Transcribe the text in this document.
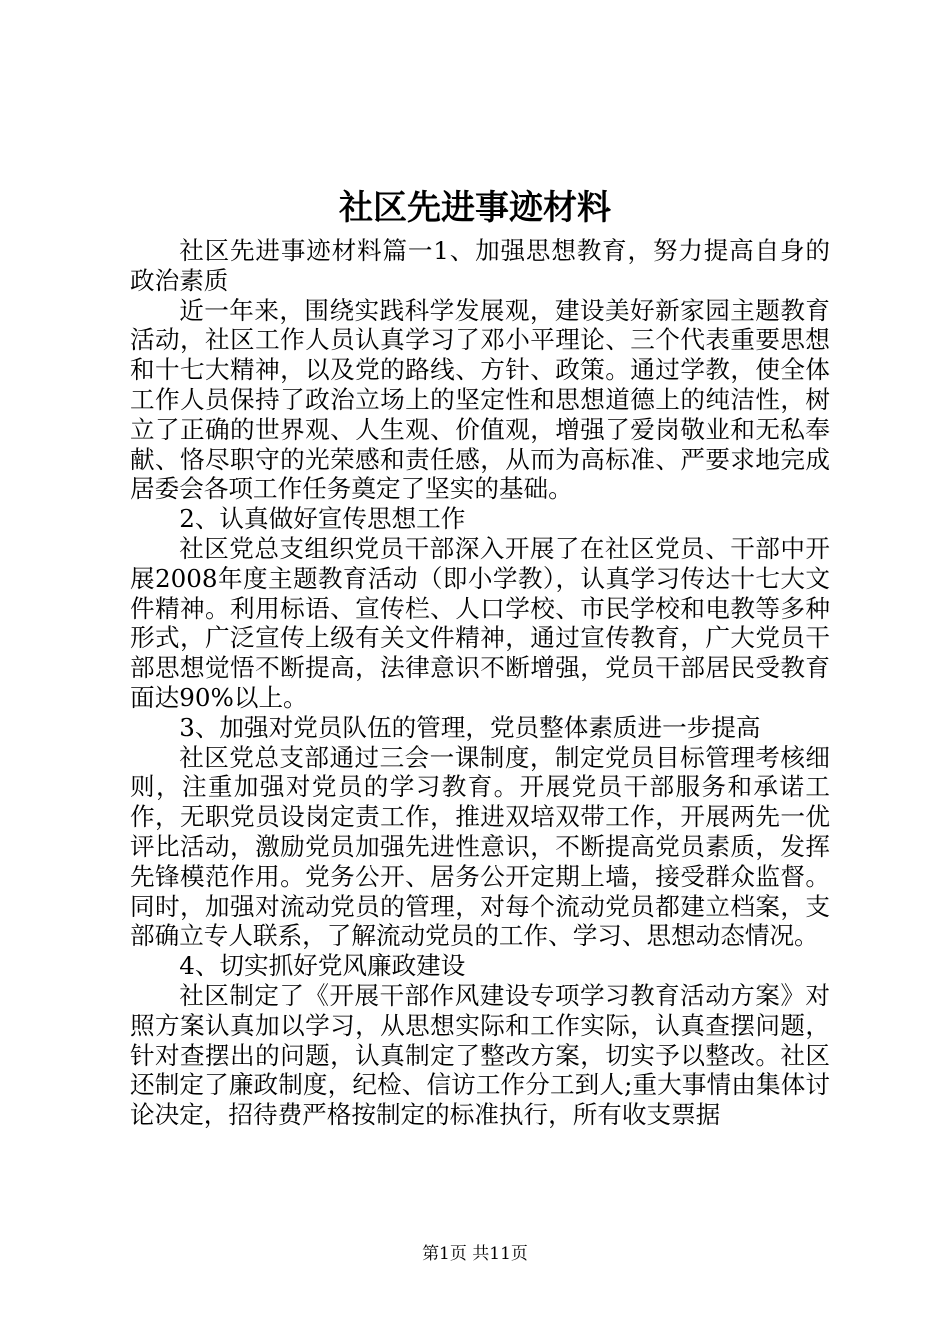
社区先进事迹材料

社区先进事迹材料篇一1、加强思想教育，努力提高自身的政治素质

近一年来，围绕实践科学发展观，建设美好新家园主题教育活动，社区工作人员认真学习了邓小平理论、三个代表重要思想和十七大精神，以及党的路线、方针、政策。通过学教，使全体工作人员保持了政治立场上的坚定性和思想道德上的纯洁性，树立了正确的世界观、人生观、价值观，增强了爱岗敬业和无私奉献、恪尽职守的光荣感和责任感，从而为高标准、严要求地完成居委会各项工作任务奠定了坚实的基础。

2、认真做好宣传思想工作

社区党总支组织党员干部深入开展了在社区党员、干部中开展2008年度主题教育活动（即小学教），认真学习传达十七大文件精神。利用标语、宣传栏、人口学校、市民学校和电教等多种形式，广泛宣传上级有关文件精神，通过宣传教育，广大党员干部思想觉悟不断提高，法律意识不断增强，党员干部居民受教育面达90%以上。

3、加强对党员队伍的管理，党员整体素质进一步提高

社区党总支部通过三会一课制度，制定党员目标管理考核细则，注重加强对党员的学习教育。开展党员干部服务和承诺工作，无职党员设岗定责工作，推进双培双带工作，开展两先一优评比活动，激励党员加强先进性意识，不断提高党员素质，发挥先锋模范作用。党务公开、居务公开定期上墙，接受群众监督。同时，加强对流动党员的管理，对每个流动党员都建立档案，支部确立专人联系，了解流动党员的工作、学习、思想动态情况。

4、切实抓好党风廉政建设

社区制定了《开展干部作风建设专项学习教育活动方案》对照方案认真加以学习，从思想实际和工作实际，认真查摆问题，针对查摆出的问题，认真制定了整改方案，切实予以整改。社区还制定了廉政制度，纪检、信访工作分工到人;重大事情由集体讨论决定，招待费严格按制定的标准执行，所有收支票据

第1页 共11页
